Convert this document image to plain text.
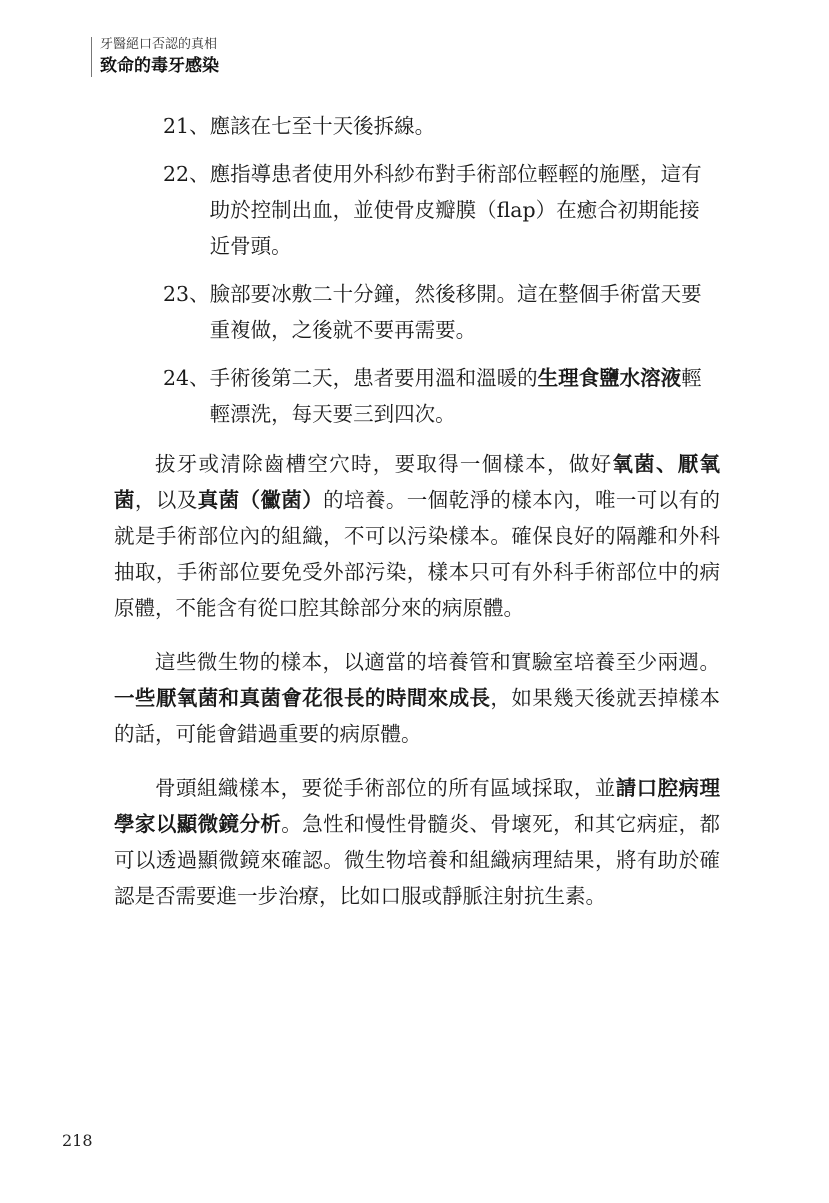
牙醫絕口否認的真相
致命的毒牙感染
21、 應該在七至十天後拆線。
22、 應指導患者使用外科紗布對手術部位輕輕的施壓，這有助於控制出血，並使骨皮瓣膜（flap）在癒合初期能接近骨頭。
23、 臉部要冰敷二十分鐘，然後移開。這在整個手術當天要重複做，之後就不要再需要。
24、 手術後第二天，患者要用溫和溫暖的生理食鹽水溶液輕輕漂洗，每天要三到四次。

拔牙或清除齒槽空穴時，要取得一個樣本，做好氧菌、厭氧菌，以及真菌（黴菌）的培養。一個乾淨的樣本內，唯一可以有的就是手術部位內的組織，不可以污染樣本。確保良好的隔離和外科抽取，手術部位要免受外部污染，樣本只可有外科手術部位中的病原體，不能含有從口腔其餘部分來的病原體。

這些微生物的樣本，以適當的培養管和實驗室培養至少兩週。一些厭氧菌和真菌會花很長的時間來成長，如果幾天後就丟掉樣本的話，可能會錯過重要的病原體。

骨頭組織樣本，要從手術部位的所有區域採取，並請口腔病理學家以顯微鏡分析。急性和慢性骨髓炎、骨壞死，和其它病症，都可以透過顯微鏡來確認。微生物培養和組織病理結果，將有助於確認是否需要進一步治療，比如口服或靜脈注射抗生素。

218
